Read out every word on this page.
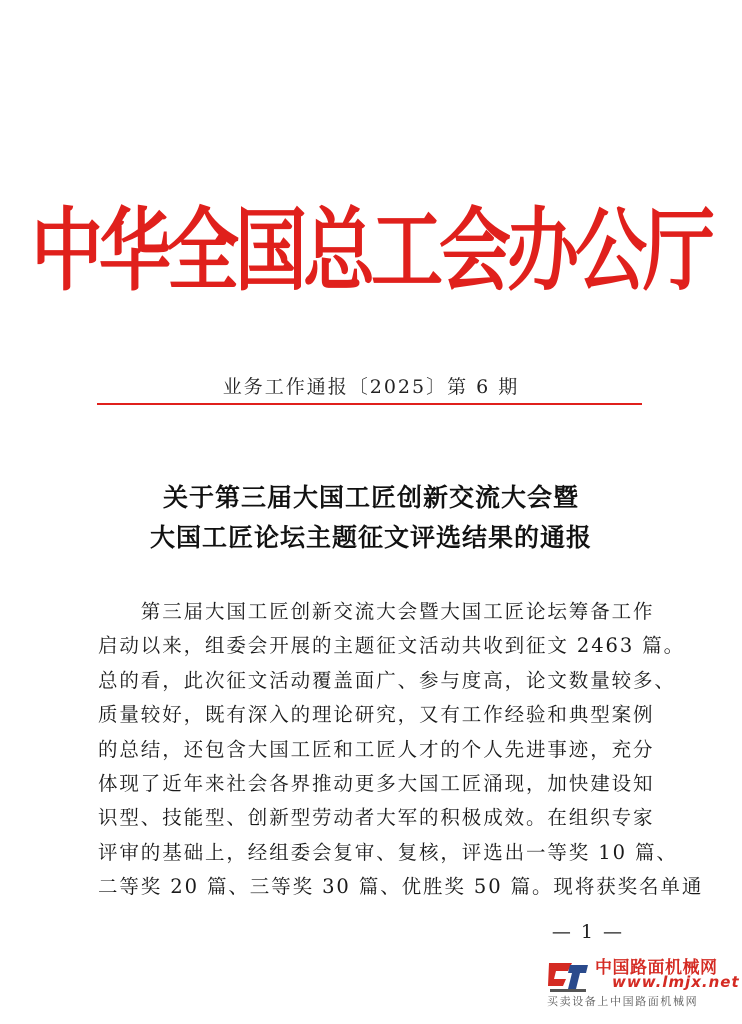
中华全国总工会办公厅
业务工作通报〔2025〕第 6 期
关于第三届大国工匠创新交流大会暨
大国工匠论坛主题征文评选结果的通报
　　第三届大国工匠创新交流大会暨大国工匠论坛筹备工作
启动以来，组委会开展的主题征文活动共收到征文 2463 篇。
总的看，此次征文活动覆盖面广、参与度高，论文数量较多、
质量较好，既有深入的理论研究，又有工作经验和典型案例
的总结，还包含大国工匠和工匠人才的个人先进事迹，充分
体现了近年来社会各界推动更多大国工匠涌现，加快建设知
识型、技能型、创新型劳动者大军的积极成效。在组织专家
评审的基础上，经组委会复审、复核，评选出一等奖 10 篇、
二等奖 20 篇、三等奖 30 篇、优胜奖 50 篇。现将获奖名单通
— 1 —
中国路面机械网
www.lmjx.net
买卖设备上中国路面机械网
